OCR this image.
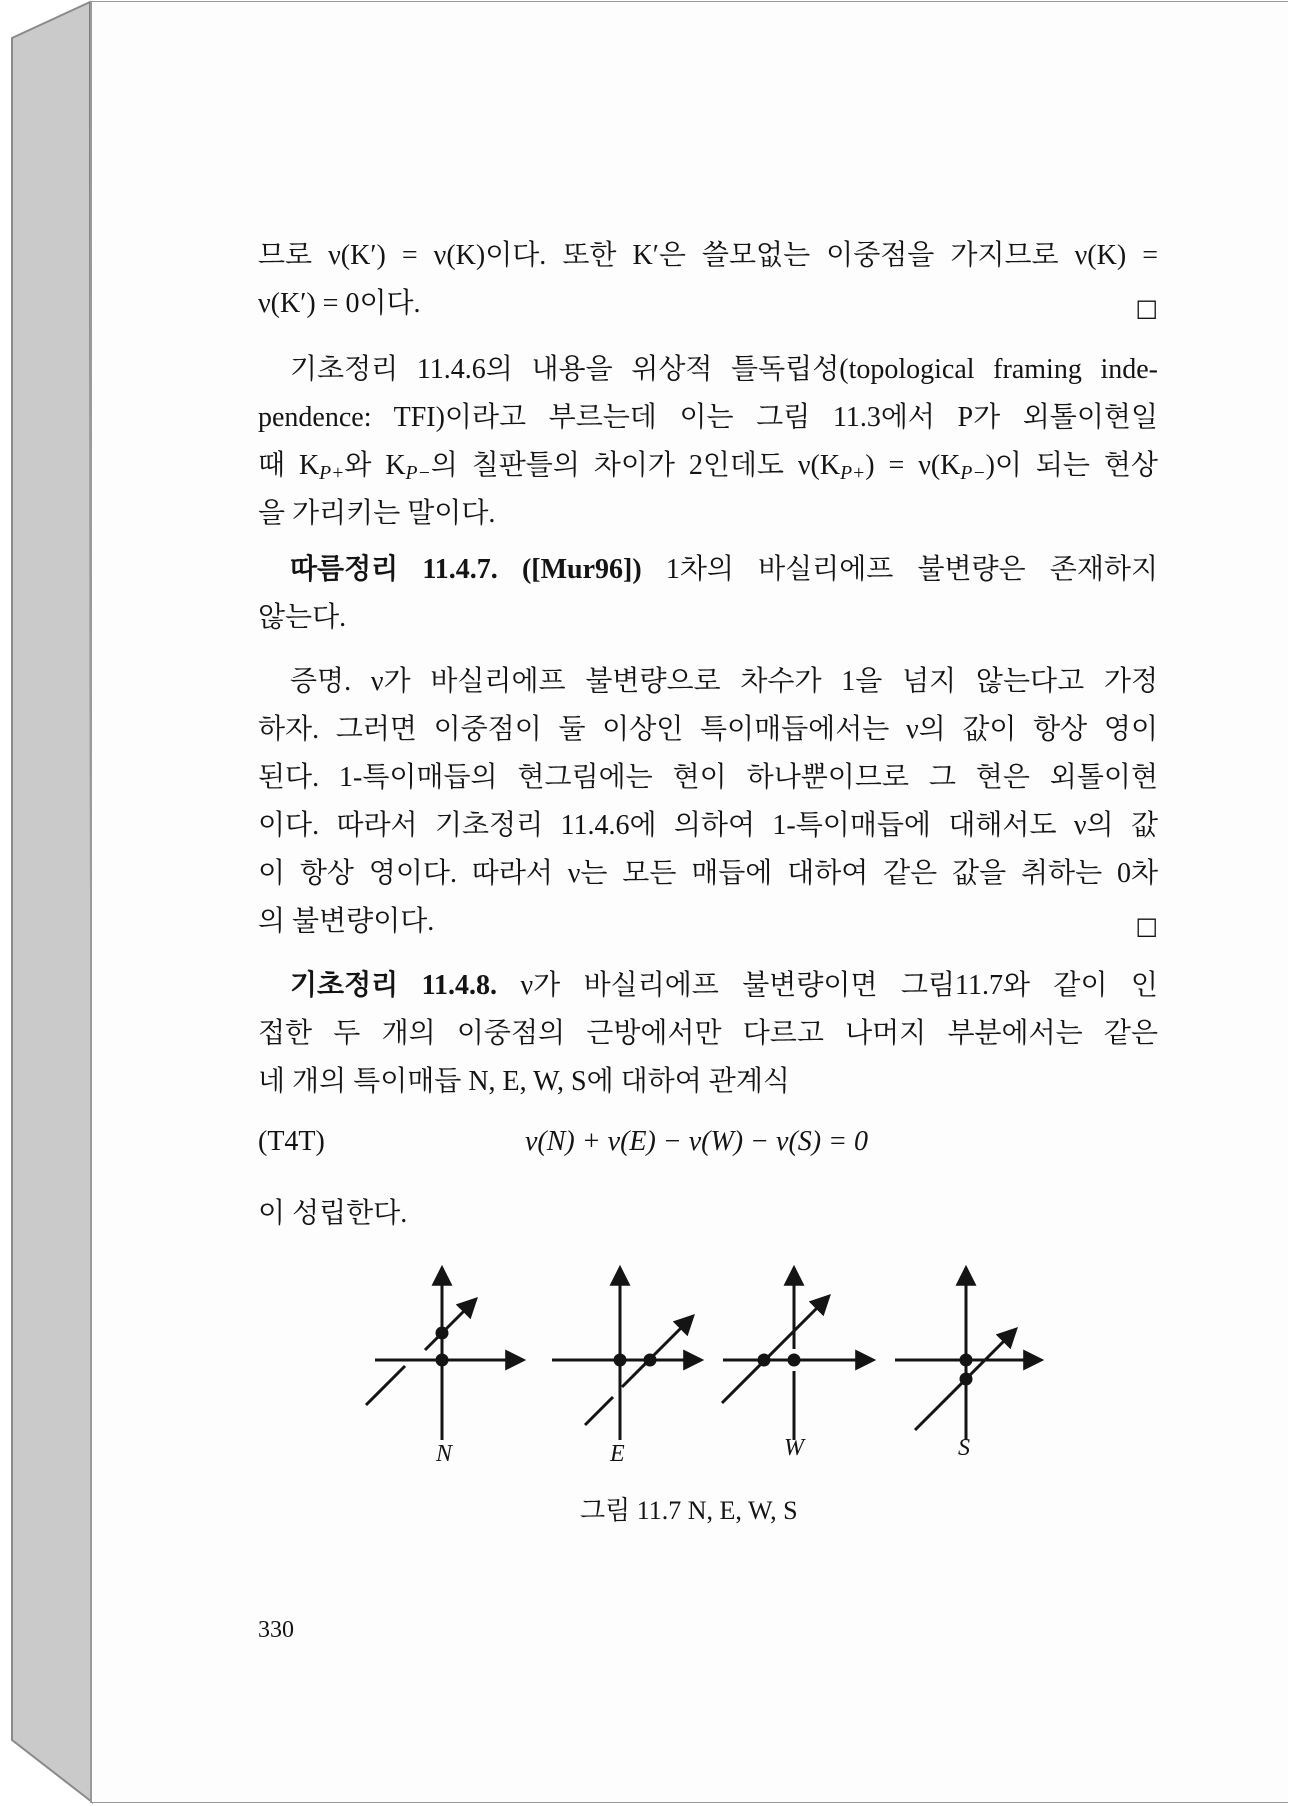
므로 ν(K′) = ν(K)이다. 또한 K′은 쓸모없는 이중점을 가지므로 ν(K) =
ν(K′) = 0이다.	□
기초정리 11.4.6의 내용을 위상적 틀독립성(topological framing inde-
pendence: TFI)이라고 부르는데 이는 그림 11.3에서 P가 외톨이현일
때 $K_{P+}$와 $K_{P-}$의 칠판틀의 차이가 2인데도 $\nu(K_{P+}) = \nu(K_{P-})$이 되는 현상
을 가리키는 말이다.
따름정리 11.4.7. ([Mur96]) 1차의 바실리에프 불변량은 존재하지
않는다.
증명. ν가 바실리에프 불변량으로 차수가 1을 넘지 않는다고 가정
하자. 그러면 이중점이 둘 이상인 특이매듭에서는 ν의 값이 항상 영이
된다. 1-특이매듭의 현그림에는 현이 하나뿐이므로 그 현은 외톨이현
이다. 따라서 기초정리 11.4.6에 의하여 1-특이매듭에 대해서도 ν의 값
이 항상 영이다. 따라서 ν는 모든 매듭에 대하여 같은 값을 취하는 0차
의 불변량이다.	□
기초정리 11.4.8. ν가 바실리에프 불변량이면 그림11.7와 같이 인
접한 두 개의 이중점의 근방에서만 다르고 나머지 부분에서는 같은
네 개의 특이매듭 N, E, W, S에 대하여 관계식
(T4T)	ν(N) + ν(E) − ν(W) − ν(S) = 0
이 성립한다.
N	E	W	S
그림 11.7 N, E, W, S
330
